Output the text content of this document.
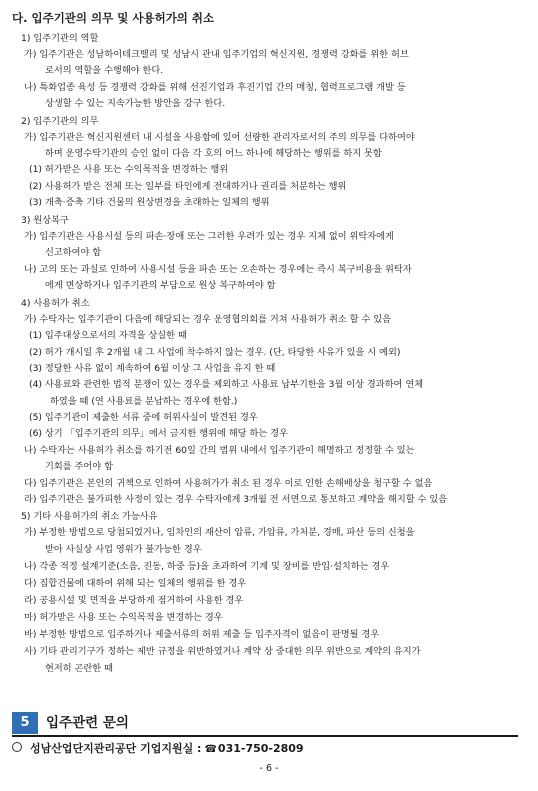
다. 입주기관의 의무 및 사용허가의 취소
1) 입주기관의 역할
가) 입주기관은 성남하이테크밸리 및 성남시 관내 입주기업의 혁신지원, 경쟁력 강화를 위한 허브
로서의 역할을 수행해야 한다.
나) 특화업종 육성 등 경쟁력 강화를 위해 선진기업과 후진기업 간의 매칭, 협력프로그램 개발 등
상생할 수 있는 지속가능한 방안을 강구 한다.
2) 입주기관의 의무
가) 입주기관은 혁신지원센터 내 시설을 사용함에 있어 선량한 관리자로서의 주의 의무를 다하여야
하며 운영수탁기관의 승인 없이 다음 각 호의 어느 하나에 해당하는 행위를 하지 못함
(1) 허가받은 사용 또는 수익목적을 변경하는 행위
(2) 사용허가 받은 전체 또는 일부를 타인에게 전대하거나 권리를 처분하는 행위
(3) 개축·증축 기타 건물의 원상변경을 초래하는 일체의 행위
3) 원상복구
가) 입주기관은 사용시설 등의 파손·장애 또는 그러한 우려가 있는 경우 지체 없이 위탁자에게
신고하여야 함
나) 고의 또는 과실로 인하여 사용시설 등을 파손 또는 오손하는 경우에는 즉시 복구비용을 위탁자
에게 변상하거나 입주기관의 부담으로 원상 복구하여야 함
4) 사용허가 취소
가) 수탁자는 입주기관이 다음에 해당되는 경우 운영협의회를 거쳐 사용허가 취소 할 수 있음
(1) 입주대상으로서의 자격을 상실한 때
(2) 허가 개시일 후 2개월 내 그 사업에 착수하지 않는 경우. (단, 타당한 사유가 있을 시 예외)
(3) 정당한 사유 없이 계속하여 6월 이상 그 사업을 유지 한 때
(4) 사용료와 관련한 법적 분쟁이 있는 경우를 제외하고 사용료 납부기한을 3월 이상 경과하여 연체
하였을 때 (연 사용료를 분납하는 경우에 한함.)
(5) 입주기관이 제출한 서류 중에 허위사실이 발견된 경우
(6) 상기 「입주기관의 의무」에서 금지한 행위에 해당 하는 경우
나) 수탁자는 사용허가 취소를 하기전 60일 간의 범위 내에서 입주기관이 해명하고 정정할 수 있는
기회를 주어야 함
다) 입주기관은 본인의 귀책으로 인하여 사용허가가 취소 된 경우 이로 인한 손해배상을 청구할 수 없음
라) 입주기관은 불가피한 사정이 있는 경우 수탁자에게 3개월 전 서면으로 통보하고 계약을 해지할 수 있음
5) 기타 사용허가의 취소 가능사유
가) 부정한 방법으로 당첨되었거나, 임차인의 재산이 압류, 가압류, 가처분, 경매, 파산 등의 신청을
받아 사실상 사업 영위가 불가능한 경우
나) 각종 적정 설계기준(소음, 진동, 하중 등)을 초과하여 기계 및 장비를 반입·설치하는 경우
다) 집합건물에 대하여 위해 되는 일체의 행위를 한 경우
라) 공용시설 및 면적을 부당하게 점거하여 사용한 경우
마) 허가받은 사용 또는 수익목적을 변경하는 경우
바) 부정한 방법으로 입주하거나 제출서류의 허위 제출 등 입주자격이 없음이 판명될 경우
사) 기타 관리기구가 정하는 제반 규정을 위반하였거나 계약 상 중대한 의무 위반으로 계약의 유지가
현저히 곤란한 때
5	입주관련 문의
성남산업단지관리공단 기업지원실 : ☎031-750-2809
- 6 -
